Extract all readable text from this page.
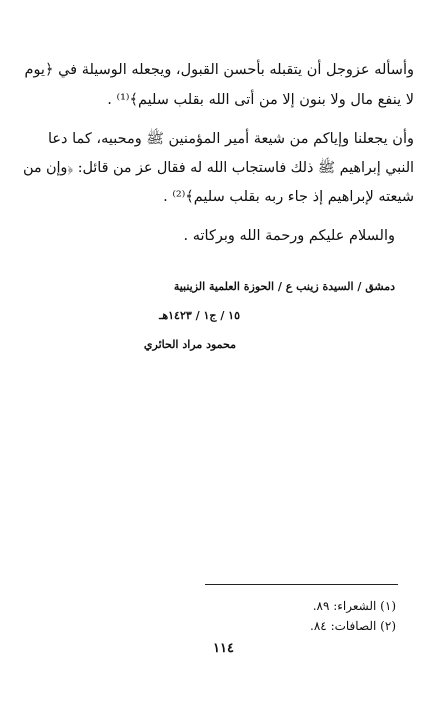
وأسأله عزوجل أن يتقبله بأحسن القبول، ويجعله الوسيلة في ﴿يوم
لا ينفع مال ولا بنون إلا من أتى الله بقلب سليم﴾⁽¹⁾ .
وأن يجعلنا وإياكم من شيعة أمير المؤمنين ﷺ ومحبيه، كما دعا
النبي إبراهيم ﷺ ذلك فاستجاب الله له فقال عز من قائل: ﴿وإن من
شيعته لإبراهيم إذ جاء ربه بقلب سليم﴾⁽²⁾ .
والسلام عليكم ورحمة الله وبركاته .
دمشق / السيدة زينب ع / الحوزة العلمية الزينبية
١٥ / ج١ / ١٤٢٣هـ
محمود مراد الحائري
(١) الشعراء: ٨٩.
(٢) الصافات: ٨٤.
١١٤
